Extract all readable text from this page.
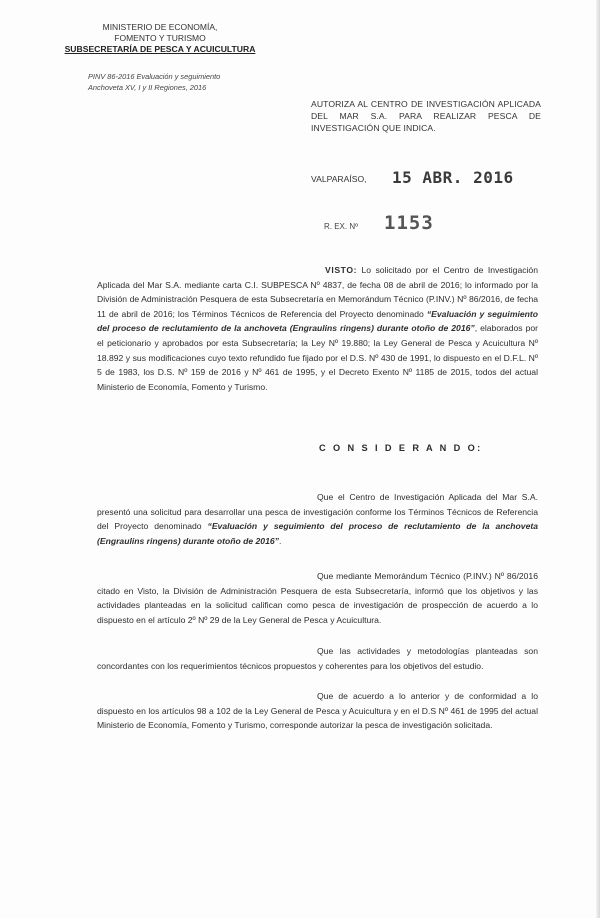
MINISTERIO DE ECONOMÍA,
FOMENTO Y TURISMO
SUBSECRETARÍA DE PESCA Y ACUICULTURA
PINV 86-2016 Evaluación y seguimiento
Anchoveta XV, I y II Regiones, 2016
AUTORIZA AL CENTRO DE INVESTIGACIÓN APLICADA DEL MAR S.A. PARA REALIZAR PESCA DE INVESTIGACIÓN QUE INDICA.
VALPARAÍSO, 15 ABR. 2016
R. EX. Nº 1153
VISTO: Lo solicitado por el Centro de Investigación Aplicada del Mar S.A. mediante carta C.I. SUBPESCA Nº 4837, de fecha 08 de abril de 2016; lo informado por la División de Administración Pesquera de esta Subsecretaría en Memorándum Técnico (P.INV.) Nº 86/2016, de fecha 11 de abril de 2016; los Términos Técnicos de Referencia del Proyecto denominado “Evaluación y seguimiento del proceso de reclutamiento de la anchoveta (Engraulins ringens) durante otoño de 2016”, elaborados por el peticionario y aprobados por esta Subsecretaría; la Ley Nº 19.880; la Ley General de Pesca y Acuicultura Nº 18.892 y sus modificaciones cuyo texto refundido fue fijado por el D.S. Nº 430 de 1991, lo dispuesto en el D.F.L. Nº 5 de 1983, los D.S. Nº 159 de 2016 y Nº 461 de 1995, y el Decreto Exento Nº 1185 de 2015, todos del actual Ministerio de Economía, Fomento y Turismo.
C O N S I D E R A N D O:
Que el Centro de Investigación Aplicada del Mar S.A. presentó una solicitud para desarrollar una pesca de investigación conforme los Términos Técnicos de Referencia del Proyecto denominado “Evaluación y seguimiento del proceso de reclutamiento de la anchoveta (Engraulins ringens) durante otoño de 2016”.
Que mediante Memorándum Técnico (P.INV.) Nº 86/2016 citado en Visto, la División de Administración Pesquera de esta Subsecretaría, informó que los objetivos y las actividades planteadas en la solicitud califican como pesca de investigación de prospección de acuerdo a lo dispuesto en el artículo 2º Nº 29 de la Ley General de Pesca y Acuicultura.
Que las actividades y metodologías planteadas son concordantes con los requerimientos técnicos propuestos y coherentes para los objetivos del estudio.
Que de acuerdo a lo anterior y de conformidad a lo dispuesto en los artículos 98 a 102 de la Ley General de Pesca y Acuicultura y en el D.S Nº 461 de 1995 del actual Ministerio de Economía, Fomento y Turismo, corresponde autorizar la pesca de investigación solicitada.
